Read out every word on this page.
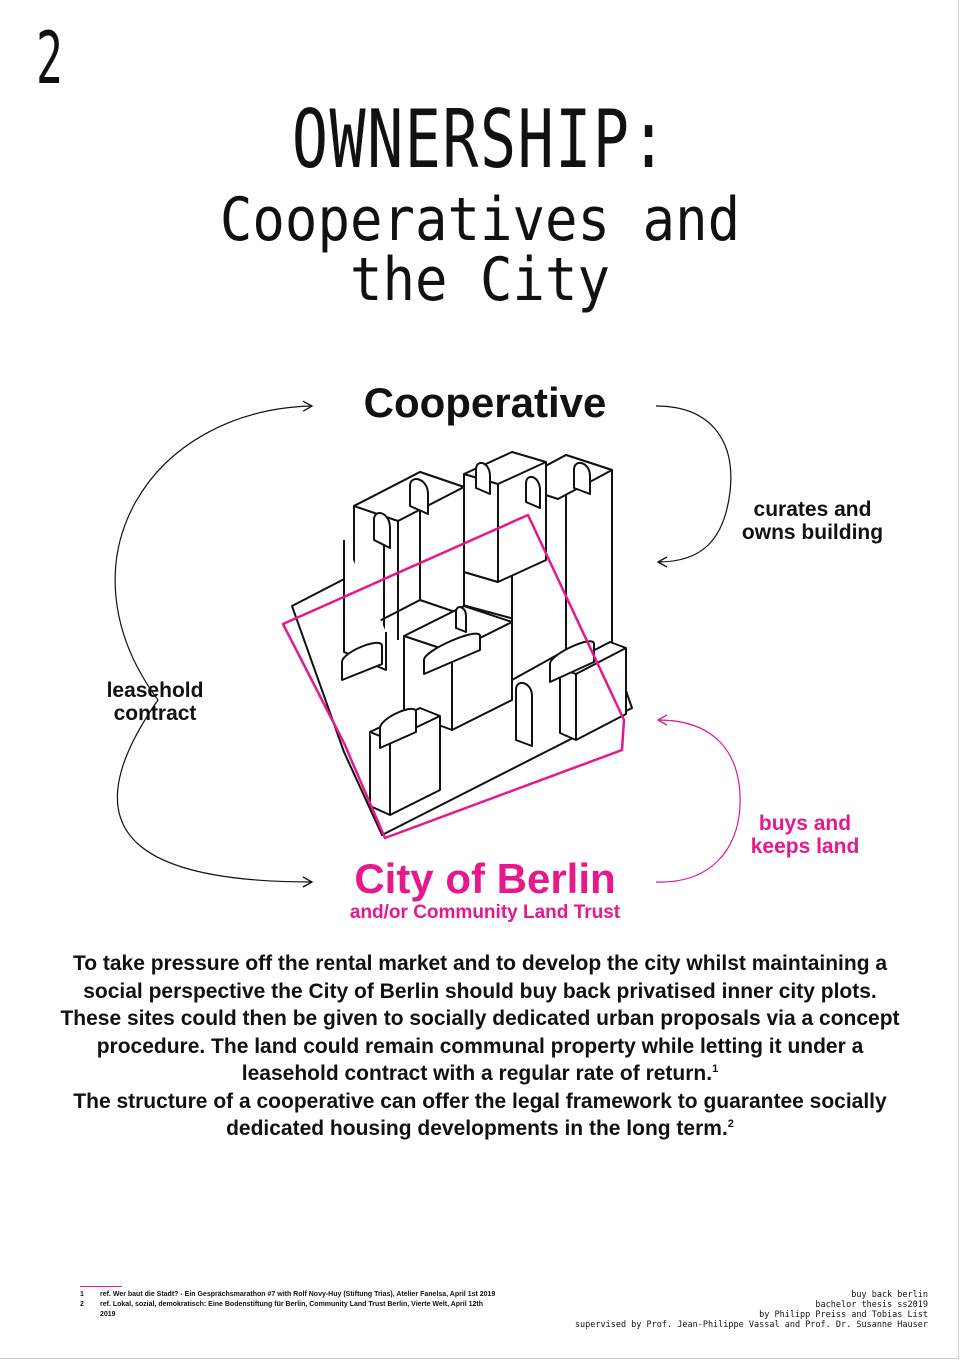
2
OWNERSHIP:
Cooperatives and
the City
Cooperative
curates and
owns building
leasehold
contract
buys and
keeps land
City of Berlin
and/or Community Land Trust

To take pressure off the rental market and to develop the city whilst maintaining a social perspective the City of Berlin should buy back privatised inner city plots.

These sites could then be given to socially dedicated urban proposals via a concept procedure. The land could remain communal property while letting it under a leasehold contract with a regular rate of return.$^1$

The structure of a cooperative can offer the legal framework to guarantee socially dedicated housing developments in the long term.$^2$

1	ref. Wer baut die Stadt? - Ein Gesprächsmarathon #7 with Rolf Novy-Huy (Stiftung Trias), Atelier Fanelsa, April 1st 2019
2	ref. Lokal, sozial, demokratisch: Eine Bodenstiftung für Berlin, Community Land Trust Berlin, Vierte Welt, April 12th 2019
buy back berlin
bachelor thesis ss2019
by Philipp Preiss and Tobias List
supervised by Prof. Jean-Philippe Vassal and Prof. Dr. Susanne Hauser
